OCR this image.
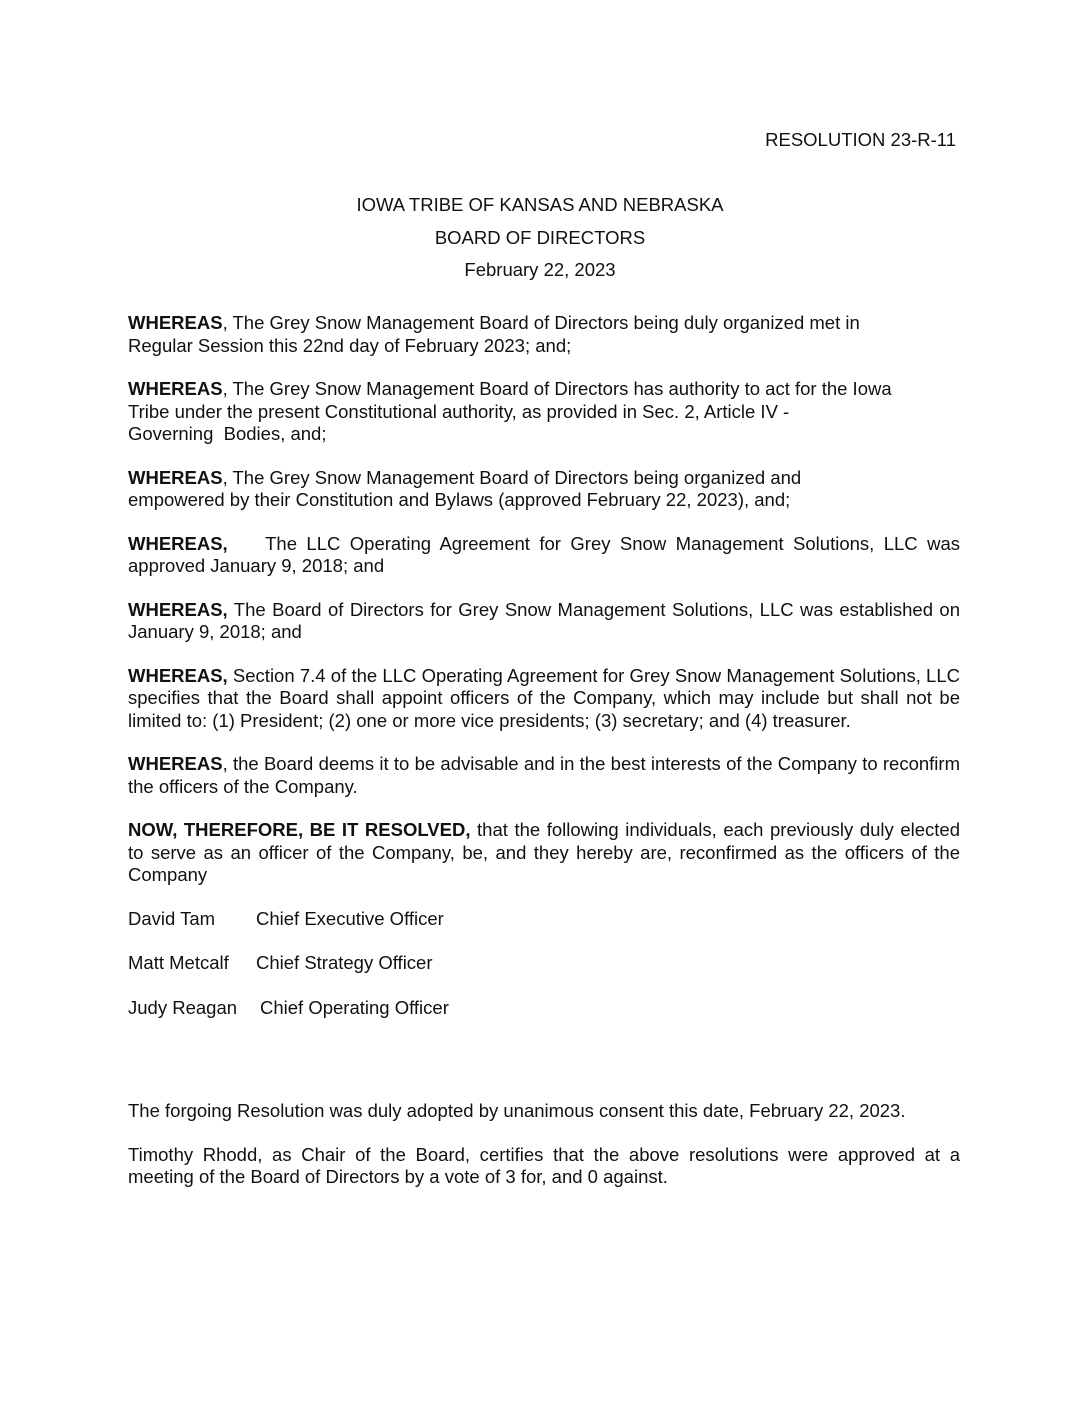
RESOLUTION 23-R-11
IOWA TRIBE OF KANSAS AND NEBRASKA
BOARD OF DIRECTORS
February 22, 2023

WHEREAS, The Grey Snow Management Board of Directors being duly organized met in
Regular Session this 22nd day of February 2023; and;

WHEREAS, The Grey Snow Management Board of Directors has authority to act for the Iowa
Tribe under the present Constitutional authority, as provided in Sec. 2, Article IV -
Governing  Bodies, and;

WHEREAS, The Grey Snow Management Board of Directors being organized and
empowered by their Constitution and Bylaws (approved February 22, 2023), and;

WHEREAS,    The LLC Operating Agreement for Grey Snow Management Solutions, LLC was approved January 9, 2018; and

WHEREAS, The Board of Directors for Grey Snow Management Solutions, LLC was established on January 9, 2018; and

WHEREAS, Section 7.4 of the LLC Operating Agreement for Grey Snow Management Solutions, LLC specifies that the Board shall appoint officers of the Company, which may include but shall not be limited to: (1) President; (2) one or more vice presidents; (3) secretary; and (4) treasurer.

WHEREAS, the Board deems it to be advisable and in the best interests of the Company to reconfirm the officers of the Company.

NOW, THEREFORE, BE IT RESOLVED, that the following individuals, each previously duly elected to serve as an officer of the Company, be, and they hereby are, reconfirmed as the officers of the Company

David Tam Chief Executive Officer
Matt Metcalf Chief Strategy Officer
Judy Reagan Chief Operating Officer

The forgoing Resolution was duly adopted by unanimous consent this date, February 22, 2023.

Timothy Rhodd, as Chair of the Board, certifies that the above resolutions were approved at a meeting of the Board of Directors by a vote of 3 for, and 0 against.
